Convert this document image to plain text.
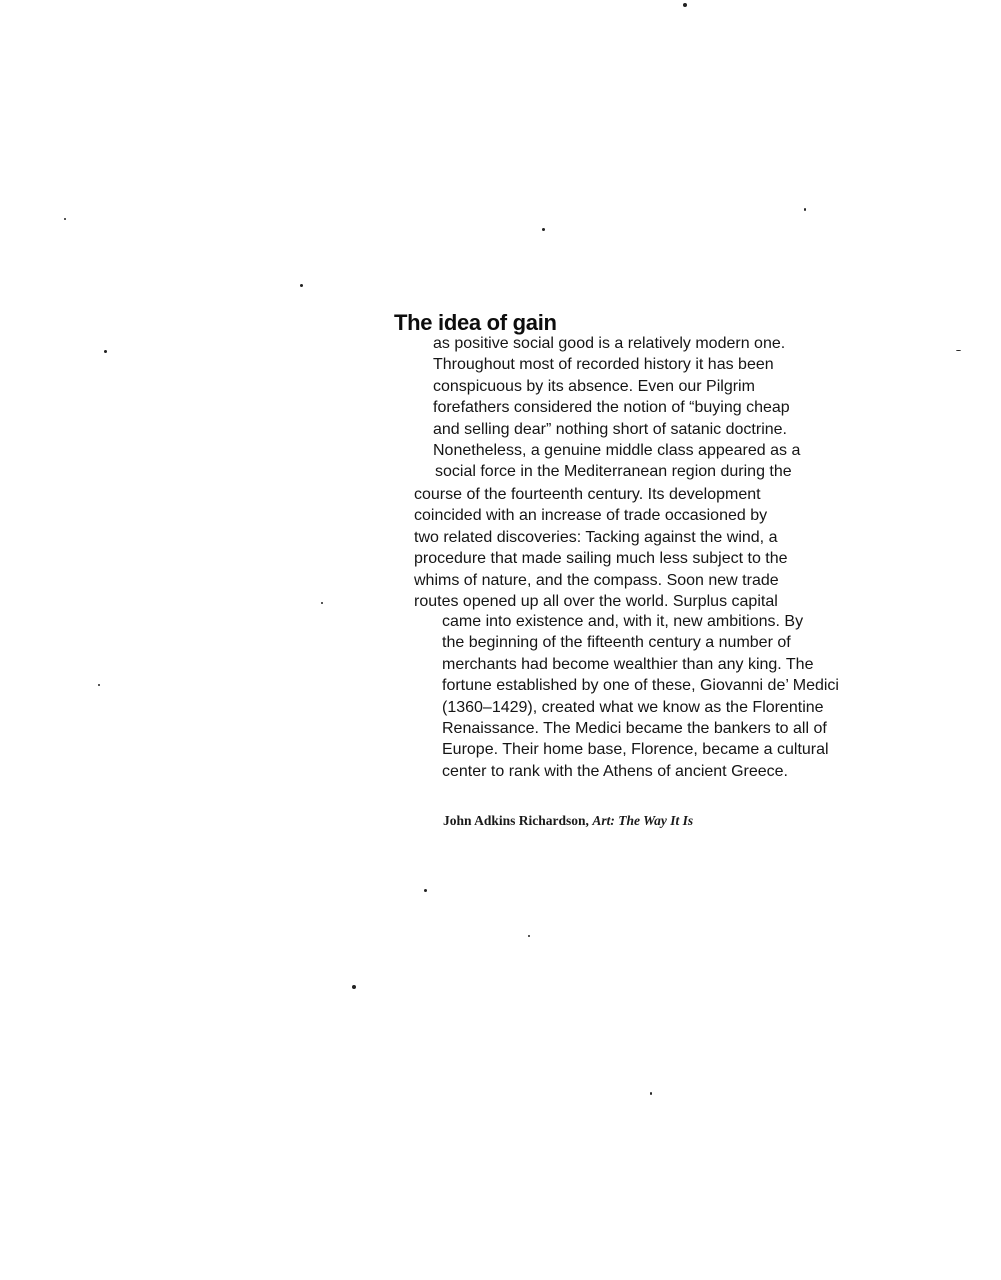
The idea of gain
as positive social good is a relatively modern one.
Throughout most of recorded history it has been
conspicuous by its absence. Even our Pilgrim
forefathers considered the notion of “buying cheap
and selling dear” nothing short of satanic doctrine.
Nonetheless, a genuine middle class appeared as a
social force in the Mediterranean region during the
course of the fourteenth century. Its development
coincided with an increase of trade occasioned by
two related discoveries: Tacking against the wind, a
procedure that made sailing much less subject to the
whims of nature, and the compass. Soon new trade
routes opened up all over the world. Surplus capital
came into existence and, with it, new ambitions. By
the beginning of the fifteenth century a number of
merchants had become wealthier than any king. The
fortune established by one of these, Giovanni de’ Medici
(1360–1429), created what we know as the Florentine
Renaissance. The Medici became the bankers to all of
Europe. Their home base, Florence, became a cultural
center to rank with the Athens of ancient Greece.
John Adkins Richardson, Art: The Way It Is
